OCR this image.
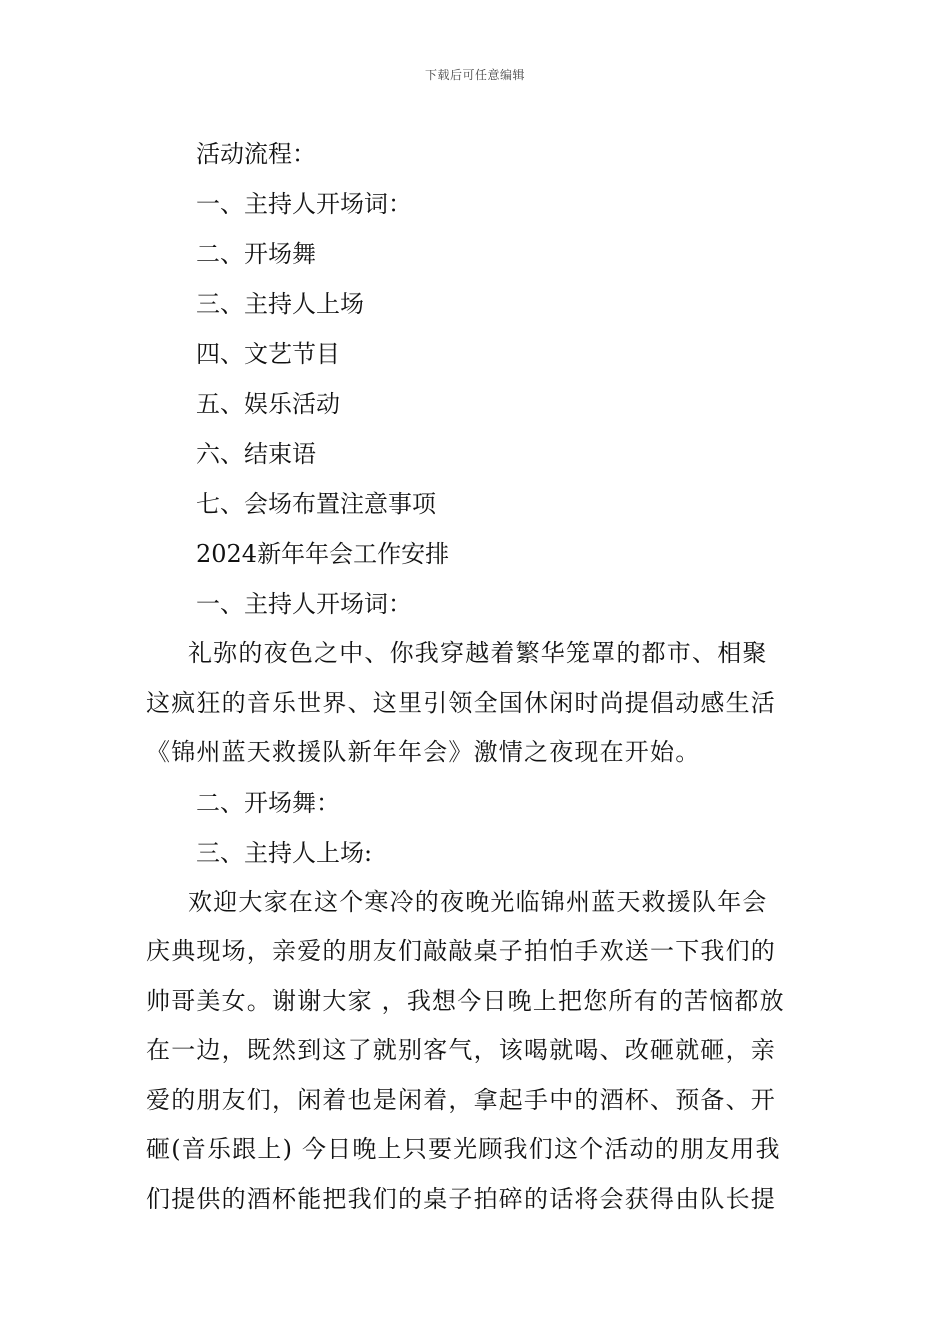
下载后可任意编辑
活动流程：
一、主持人开场词：
二、开场舞
三、主持人上场
四、文艺节目
五、娱乐活动
六、结束语
七、会场布置注意事项
2024新年年会工作安排
一、主持人开场词：
礼弥的夜色之中、你我穿越着繁华笼罩的都市、相聚
这疯狂的音乐世界、这里引领全国休闲时尚提倡动感生活
《锦州蓝天救援队新年年会》激情之夜现在开始。
二、开场舞：
三、主持人上场:
欢迎大家在这个寒冷的夜晚光临锦州蓝天救援队年会
庆典现场，亲爱的朋友们敲敲桌子拍怕手欢送一下我们的
帅哥美女。谢谢大家 ，我想今日晚上把您所有的苦恼都放
在一边，既然到这了就别客气，该喝就喝、改砸就砸，亲
爱的朋友们，闲着也是闲着，拿起手中的酒杯、预备、开
砸(音乐跟上) 今日晚上只要光顾我们这个活动的朋友用我
们提供的酒杯能把我们的桌子拍碎的话将会获得由队长提
